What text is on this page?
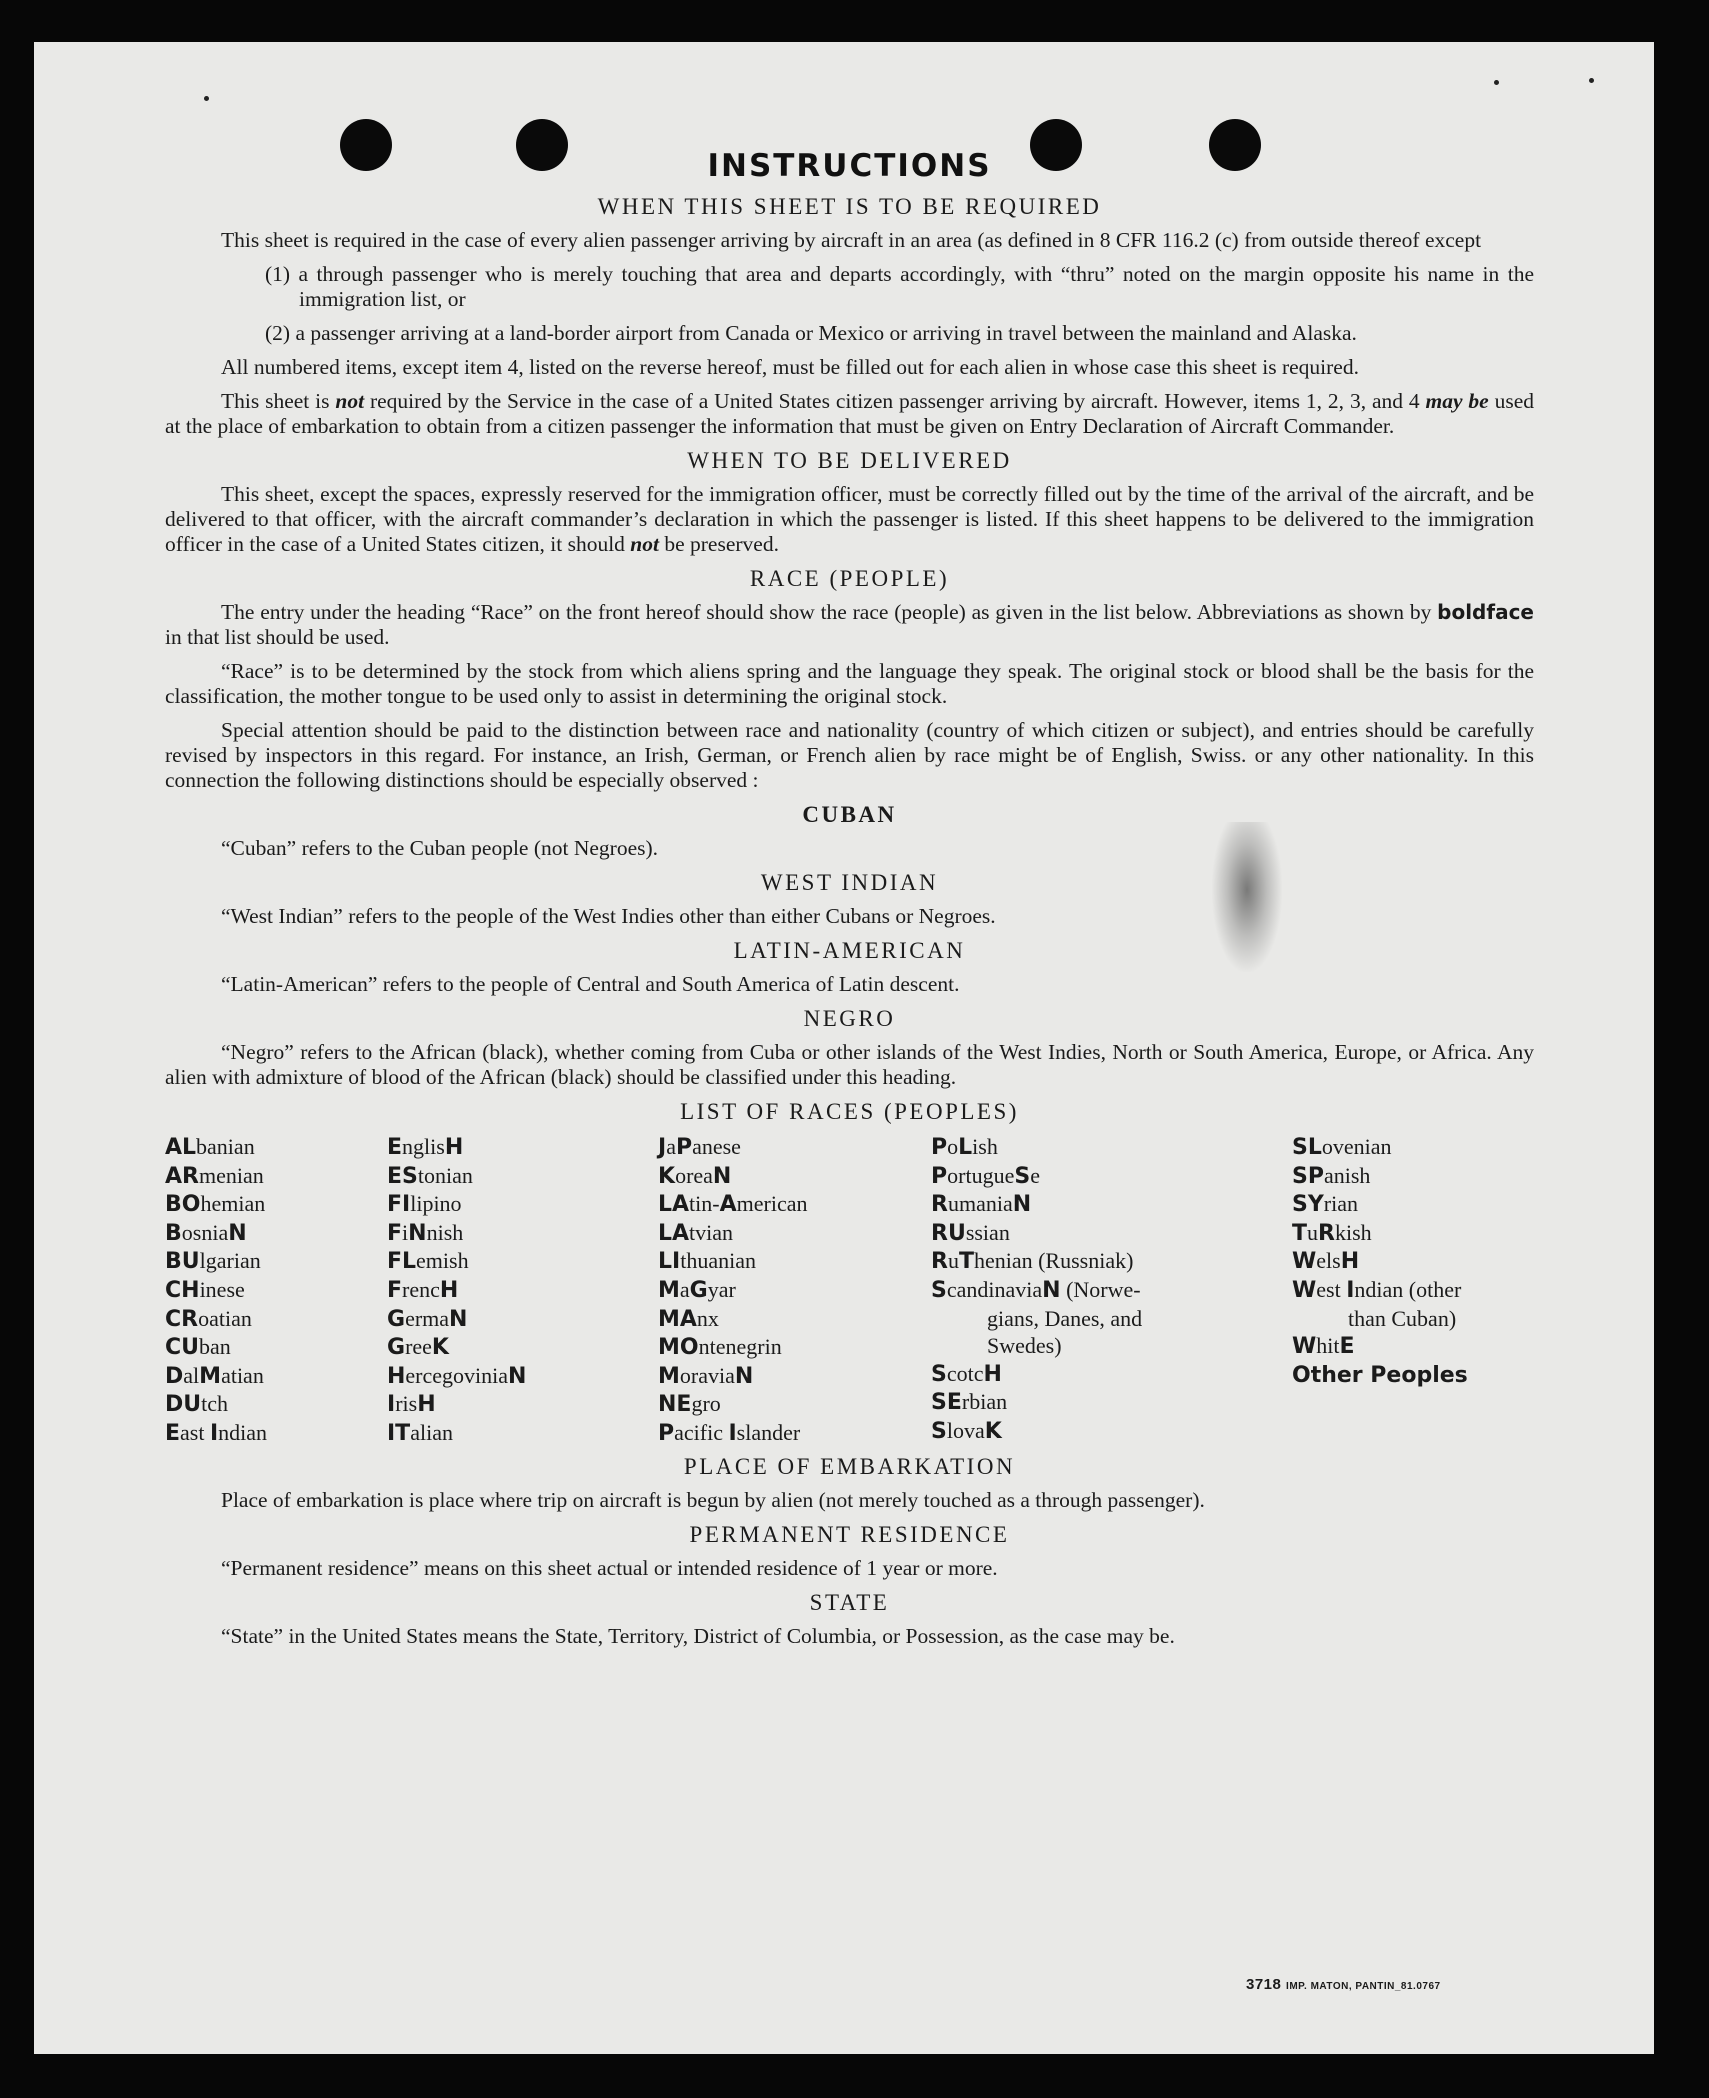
INSTRUCTIONS
WHEN THIS SHEET IS TO BE REQUIRED

This sheet is required in the case of every alien passenger arriving by aircraft in an area (as defined in 8 CFR 116.2 (c) from outside thereof except

(1) a through passenger who is merely touching that area and departs accordingly, with “thru” noted on the margin opposite his name in the immigration list, or

(2) a passenger arriving at a land-border airport from Canada or Mexico or arriving in travel between the mainland and Alaska.

All numbered items, except item 4, listed on the reverse hereof, must be filled out for each alien in whose case this sheet is required.

This sheet is not required by the Service in the case of a United States citizen passenger arriving by aircraft. However, items 1, 2, 3, and 4 may be used at the place of embarkation to obtain from a citizen passenger the information that must be given on Entry Declaration of Aircraft Commander.

WHEN TO BE DELIVERED

This sheet, except the spaces, expressly reserved for the immigration officer, must be correctly filled out by the time of the arrival of the aircraft, and be delivered to that officer, with the aircraft commander’s declaration in which the passenger is listed. If this sheet happens to be delivered to the immigration officer in the case of a United States citizen, it should not be preserved.

RACE (PEOPLE)

The entry under the heading “Race” on the front hereof should show the race (people) as given in the list below. Abbreviations as shown by boldface in that list should be used.

“Race” is to be determined by the stock from which aliens spring and the language they speak. The original stock or blood shall be the basis for the classification, the mother tongue to be used only to assist in determining the original stock.

Special attention should be paid to the distinction between race and nationality (country of which citizen or subject), and entries should be carefully revised by inspectors in this regard. For instance, an Irish, German, or French alien by race might be of English, Swiss. or any other nationality. In this connection the following distinctions should be especially observed :

CUBAN

“Cuban” refers to the Cuban people (not Negroes).

WEST INDIAN

“West Indian” refers to the people of the West Indies other than either Cubans or Negroes.

LATIN-AMERICAN

“Latin-American” refers to the people of Central and South America of Latin descent.

NEGRO

“Negro” refers to the African (black), whether coming from Cuba or other islands of the West Indies, North or South America, Europe, or Africa. Any alien with admixture of blood of the African (black) should be classified under this heading.

LIST OF RACES (PEOPLES)
ALbanian
ARmenian
BOhemian
BosniaN
BUlgarian
CHinese
CRoatian
CUban
DalMatian
DUtch
East Indian
EnglisH
EStonian
FIlipino
FiNnish
FLemish
FrencH
GermaN
GreeK
HercegoviniaN
IrisH
ITalian
JaPanese
KoreaN
LAtin-American
LAtvian
LIthuanian
MaGyar
MAnx
MOntenegrin
MoraviaN
NEgro
Pacific Islander
PoLish
PortugueSe
RumaniaN
RUssian
RuThenian (Russniak)
ScandinaviaN (Norwe-
gians, Danes, and
Swedes)
ScotcH
SErbian
SlovaK
SLovenian
SPanish
SYrian
TuRkish
WelsH
West Indian (other
than Cuban)
WhitE
Other Peoples
PLACE OF EMBARKATION

Place of embarkation is place where trip on aircraft is begun by alien (not merely touched as a through passenger).

PERMANENT RESIDENCE

“Permanent residence” means on this sheet actual or intended residence of 1 year or more.

STATE

“State” in the United States means the State, Territory, District of Columbia, or Possession, as the case may be.

3718 IMP. MATON, PANTIN_81.0767
